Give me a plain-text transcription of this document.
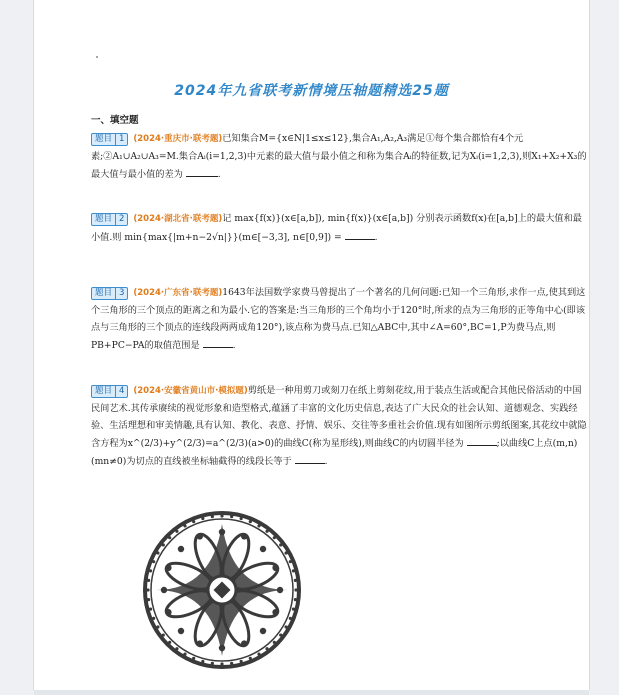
2024年九省联考新情境压轴题精选25题
一、填空题

题目 1 (2024·重庆市·联考题)已知集合M={x∈N|1≤x≤12},集合A₁,A₂,A₃满足①每个集合都恰有4个元素;②A₁∪A₂∪A₃=M.集合Aᵢ(i=1,2,3)中元素的最大值与最小值之和称为集合Aᵢ的特征数,记为Xᵢ(i=1,2,3),则X₁+X₂+X₃的最大值与最小值的差为	.

题目 2 (2024·湖北省·联考题)记 max{f(x)}(x∈[a,b]), min{f(x)}(x∈[a,b]) 分别表示函数f(x)在[a,b]上的最大值和最小值.则 min{max{|m+n−2√n|}}(m∈[−3,3], n∈[0,9]) =	.

题目 3 (2024·广东省·联考题)1643年法国数学家费马曾提出了一个著名的几何问题:已知一个三角形,求作一点,使其到这个三角形的三个顶点的距离之和为最小.它的答案是:当三角形的三个角均小于120°时,所求的点为三角形的正等角中心(即该点与三角形的三个顶点的连线段两两成角120°),该点称为费马点.已知△ABC中,其中∠A=60°,BC=1,P为费马点,则PB+PC−PA的取值范围是	.

题目 4 (2024·安徽省黄山市·模拟题)剪纸是一种用剪刀或刻刀在纸上剪刻花纹,用于装点生活或配合其他民俗活动的中国民间艺术.其传承赓续的视觉形象和造型格式,蕴涵了丰富的文化历史信息,表达了广大民众的社会认知、道德观念、实践经验、生活理想和审美情趣,具有认知、教化、表意、抒情、娱乐、交往等多重社会价值.现有如图所示剪纸图案,其花纹中就隐含方程为x^(2/3)+y^(2/3)=a^(2/3)(a>0)的曲线C(称为星形线),则曲线C的内切圆半径为	;以曲线C上点(m,n)(mn≠0)为切点的直线被坐标轴截得的线段长等于	.
